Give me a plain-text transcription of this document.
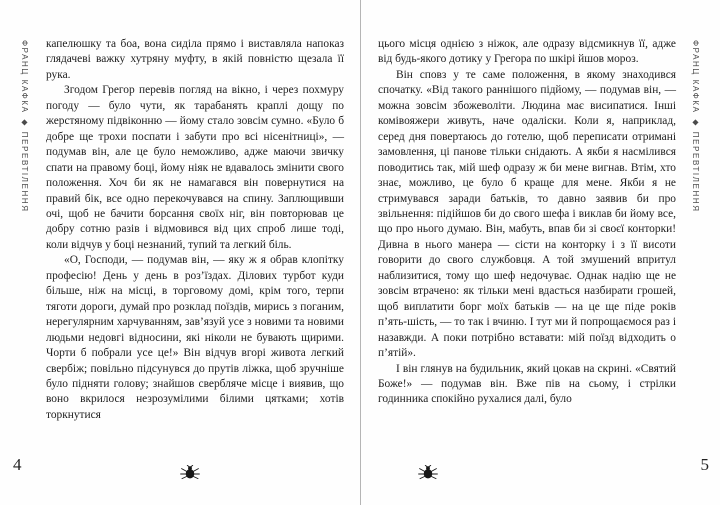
ФРАНЦ КАФКА ◆ ПЕРЕВТІЛЕННЯ капелюшку та боа, вона сиділа прямо і виставляла напоказ глядачеві важку хутряну муфту, в якій повністю щезала її рука.

Згодом Грегор перевів погляд на вікно, і через похмуру погоду — було чути, як тарабанять краплі дощу по жерстяному підвіконню — йому стало зовсім сумно. «Було б добре ще трохи поспати і забути про всі нісенітниці», — подумав він, але це було неможливо, адже маючи звичку спати на правому боці, йому ніяк не вдавалось змінити свого положення. Хоч би як не намагався він повернутися на правий бік, все одно перекочувався на спину. Заплющивши очі, щоб не бачити борсання своїх ніг, він повторював це добру сотню разів і відмовився від цих спроб лише тоді, коли відчув у боці незнаний, тупий та легкий біль.

«О, Господи, — подумав він, — яку ж я обрав клопітку професію! День у день в роз’їздах. Ділових турбот куди більше, ніж на місці, в торговому домі, крім того, терпи тяготи дороги, думай про розклад поїздів, мирись з поганим, нерегулярним харчуванням, зав’язуй усе з новими та новими людьми недовгі відносини, які ніколи не бувають щирими. Чорти б побрали усе це!» Він відчув вгорі живота легкий свербіж; повільно підсунувся до прутів ліжка, щоб зручніше було підняти голову; знайшов свербляче місце і виявив, що воно вкрилося незрозумілими білими цятками; хотів торкнутися

4
ФРАНЦ КАФКА ◆ ПЕРЕВТІЛЕННЯ

цього місця однією з ніжок, але одразу відсмикнув її, адже від будь-якого дотику у Грегора по шкірі йшов мороз.

Він сповз у те саме положення, в якому знаходився спочатку. «Від такого раннішого підйому, — подумав він, — можна зовсім збожеволіти. Людина має висипатися. Інші комівояжери живуть, наче одаліски. Коли я, наприклад, серед дня повертаюсь до готелю, щоб переписати отримані замовлення, ці панове тільки снідають. А якби я насмілився поводитись так, мій шеф одразу ж би мене вигнав. Втім, хто знає, можливо, це було б краще для мене. Якби я не стримувався заради батьків, то давно заявив би про звільнення: підійшов би до свого шефа і виклав би йому все, що про нього думаю. Він, мабуть, впав би зі своєї конторки! Дивна в нього манера — сісти на конторку і з її висоти говорити до свого службовця. А той змушений впритул наблизитися, тому що шеф недочуває. Однак надію ще не зовсім втрачено: як тільки мені вдасться назбирати грошей, щоб виплатити борг моїх батьків — на це ще піде років п’ять-шість, — то так і вчиню. І тут ми й попрощаємося раз і назавжди. А поки потрібно вставати: мій поїзд відходить о п’ятій».

І він глянув на будильник, який цокав на скрині. «Святий Боже!» — подумав він. Вже пів на сьому, і стрілки годинника спокійно рухалися далі, було

5
